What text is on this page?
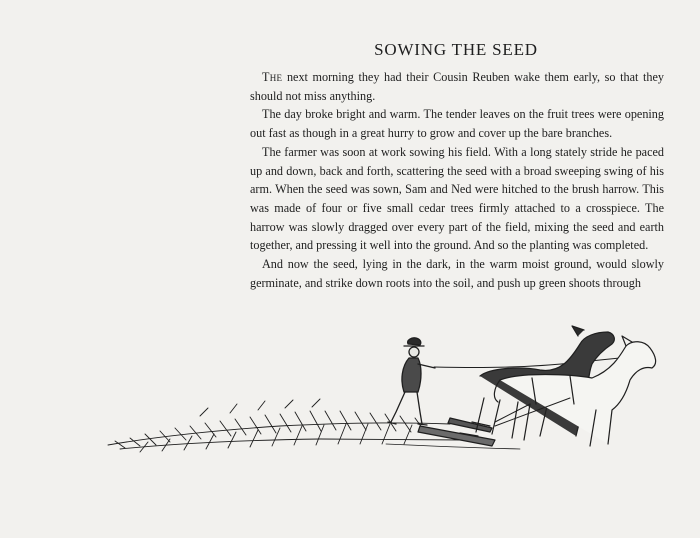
SOWING THE SEED

The next morning they had their Cousin Reuben wake them early, so that they should not miss anything.

The day broke bright and warm. The tender leaves on the fruit trees were opening out fast as though in a great hurry to grow and cover up the bare branches.

The farmer was soon at work sowing his field. With a long stately stride he paced up and down, back and forth, scattering the seed with a broad sweeping swing of his arm. When the seed was sown, Sam and Ned were hitched to the brush harrow. This was made of four or five small cedar trees firmly attached to a crosspiece. The harrow was slowly dragged over every part of the field, mixing the seed and earth together, and pressing it well into the ground. And so the planting was completed.

And now the seed, lying in the dark, in the warm moist ground, would slowly germinate, and strike down roots into the soil, and push up green shoots through
